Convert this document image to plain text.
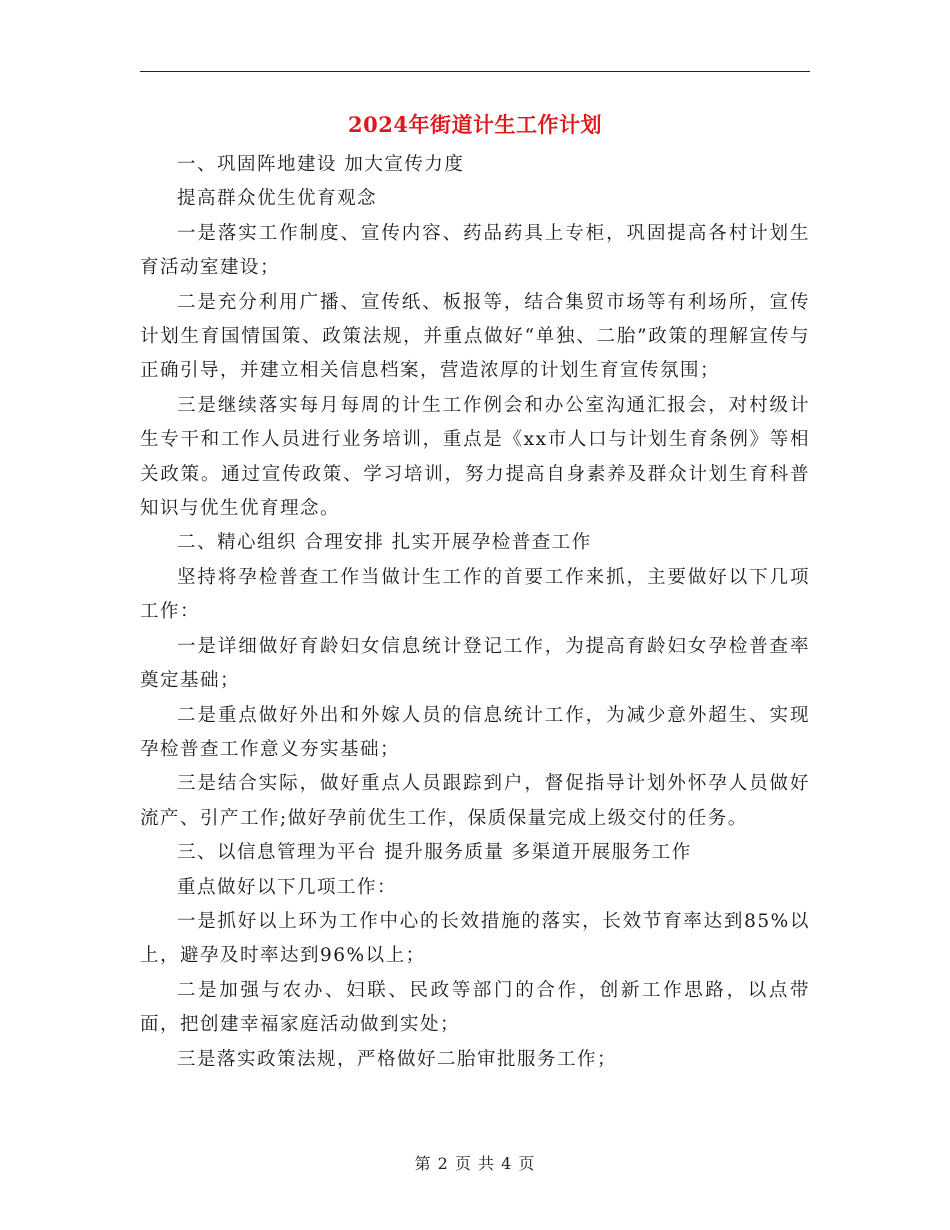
2024年街道计生工作计划

一、巩固阵地建设 加大宣传力度

提高群众优生优育观念

一是落实工作制度、宣传内容、药品药具上专柜，巩固提高各村计划生育活动室建设；

二是充分利用广播、宣传纸、板报等，结合集贸市场等有利场所，宣传计划生育国情国策、政策法规，并重点做好“单独、二胎”政策的理解宣传与正确引导，并建立相关信息档案，营造浓厚的计划生育宣传氛围；

三是继续落实每月每周的计生工作例会和办公室沟通汇报会，对村级计生专干和工作人员进行业务培训，重点是《xx市人口与计划生育条例》等相关政策。通过宣传政策、学习培训，努力提高自身素养及群众计划生育科普知识与优生优育理念。

二、精心组织 合理安排 扎实开展孕检普查工作

坚持将孕检普查工作当做计生工作的首要工作来抓，主要做好以下几项工作：

一是详细做好育龄妇女信息统计登记工作，为提高育龄妇女孕检普查率奠定基础；

二是重点做好外出和外嫁人员的信息统计工作，为减少意外超生、实现孕检普查工作意义夯实基础；

三是结合实际，做好重点人员跟踪到户，督促指导计划外怀孕人员做好流产、引产工作;做好孕前优生工作，保质保量完成上级交付的任务。

三、以信息管理为平台 提升服务质量 多渠道开展服务工作

重点做好以下几项工作：

一是抓好以上环为工作中心的长效措施的落实，长效节育率达到85%以上，避孕及时率达到96%以上；

二是加强与农办、妇联、民政等部门的合作，创新工作思路，以点带面，把创建幸福家庭活动做到实处；

三是落实政策法规，严格做好二胎审批服务工作；

第 2 页 共 4 页
